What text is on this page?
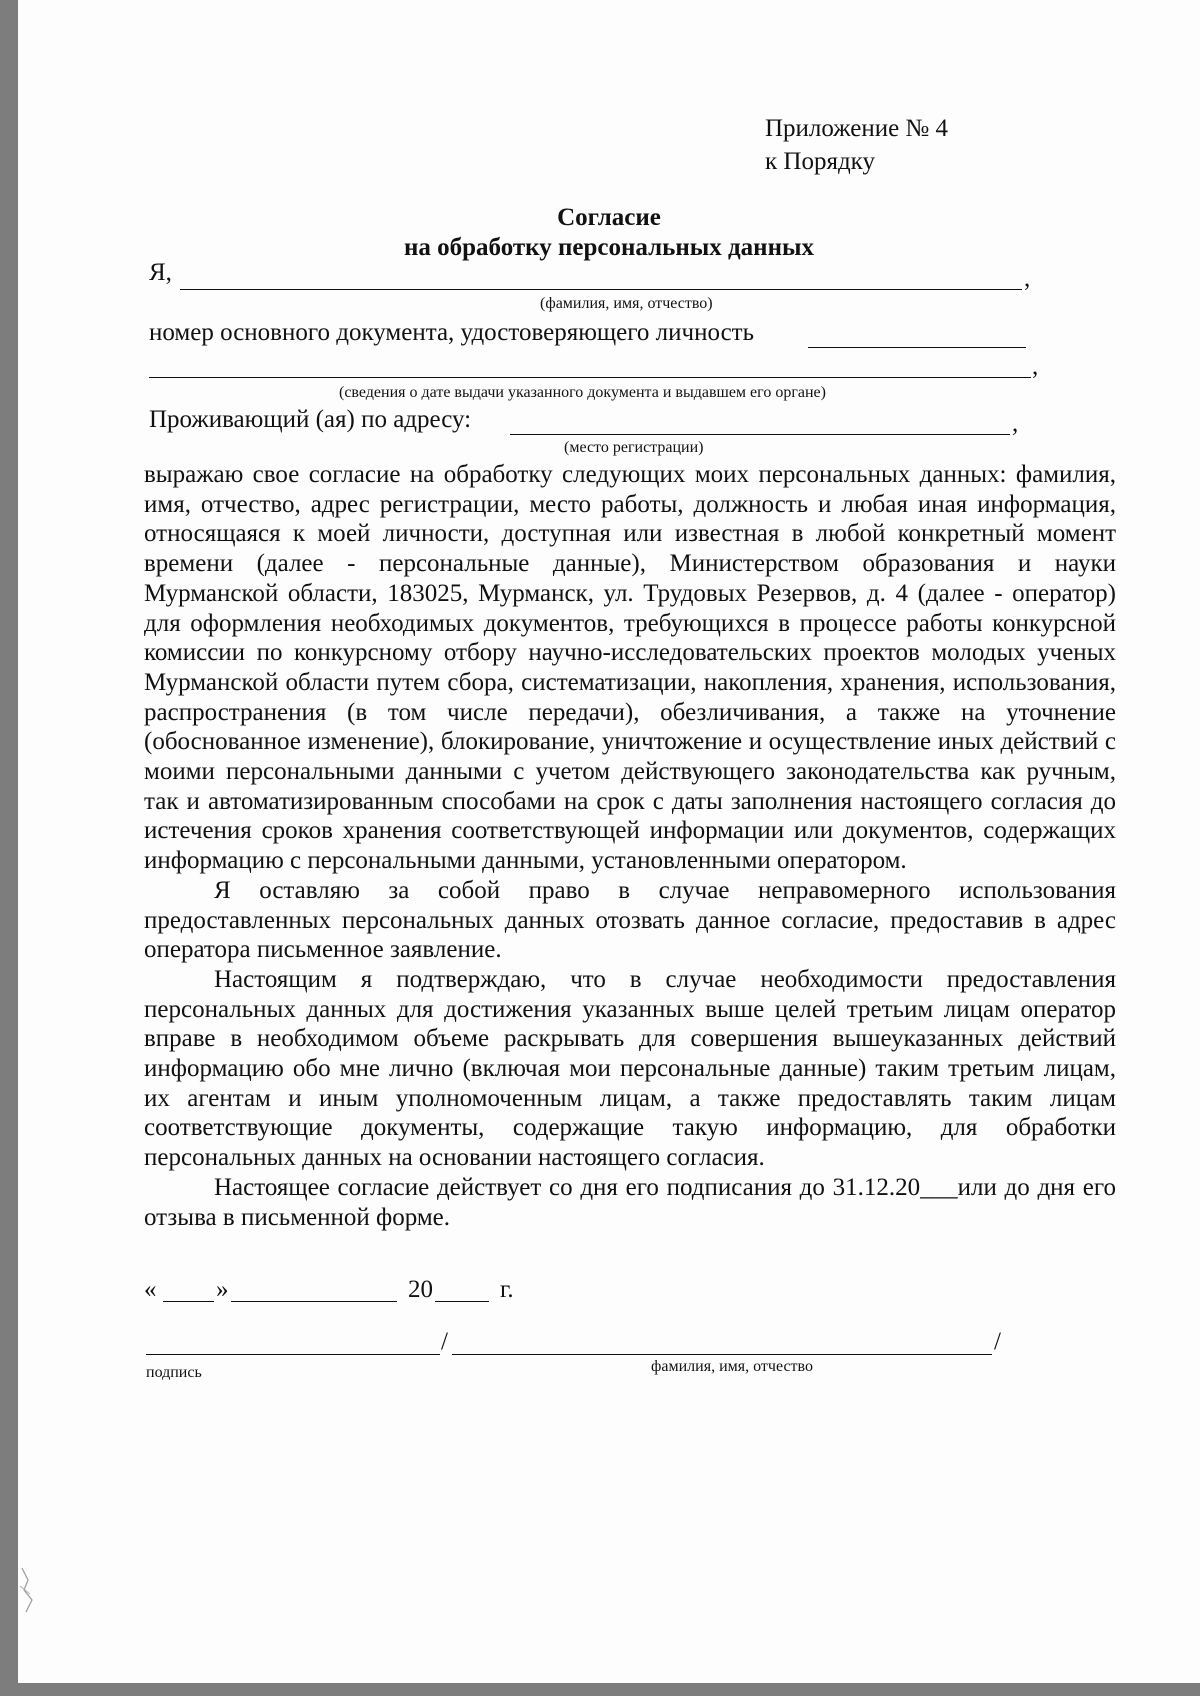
Приложение № 4
к Порядку
Согласие
на обработку персональных данных
Я,	,
(фамилия, имя, отчество)
номер основного документа, удостоверяющего личность
,
(сведения о дате выдачи указанного документа и выдавшем его органе)
Проживающий (ая) по адресу:	,
(место регистрации)

выражаю свое согласие на обработку следующих моих персональных данных: фамилия, имя, отчество, адрес регистрации, место работы, должность и любая иная информация, относящаяся к моей личности, доступная или известная в любой конкретный момент времени (далее - персональные данные), Министерством образования и науки Мурманской области, 183025, Мурманск, ул. Трудовых Резервов, д. 4 (далее - оператор) для оформления необходимых документов, требующихся в процессе работы конкурсной комиссии по конкурсному отбору научно-исследовательских проектов молодых ученых Мурманской области путем сбора, систематизации, накопления, хранения, использования, распространения (в том числе передачи), обезличивания, а также на уточнение (обоснованное изменение), блокирование, уничтожение и осуществление иных действий с моими персональными данными с учетом действующего законодательства как ручным, так и автоматизированным способами на срок с даты заполнения настоящего согласия до истечения сроков хранения соответствующей информации или документов, содержащих информацию с персональными данными, установленными оператором.

Я оставляю за собой право в случае неправомерного использования предоставленных персональных данных отозвать данное согласие, предоставив в адрес оператора письменное заявление.

Настоящим я подтверждаю, что в случае необходимости предоставления персональных данных для достижения указанных выше целей третьим лицам оператор вправе в необходимом объеме раскрывать для совершения вышеуказанных действий информацию обо мне лично (включая мои персональные данные) таким третьим лицам, их агентам и иным уполномоченным лицам, а также предоставлять таким лицам соответствующие документы, содержащие такую информацию, для обработки персональных данных на основании настоящего согласия.

Настоящее согласие действует со дня его подписания до 31.12.20___или до дня его отзыва в письменной форме.

« »	20	г.
/	/
подпись	фамилия, имя, отчество
